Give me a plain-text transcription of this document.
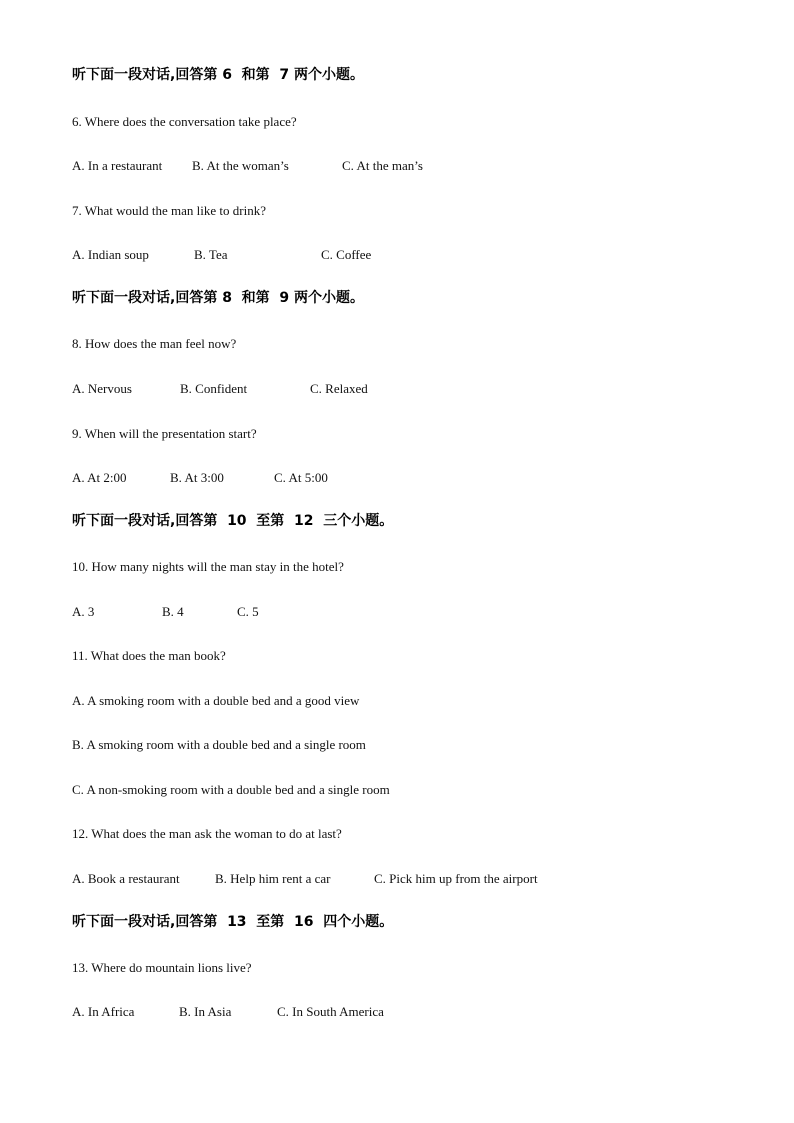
听下面一段对话,回答第 6  和第  7 两个小题。
6. Where does the conversation take place?
A. In a restaurant B. At the woman’s	C. At the man’s
7. What would the man like to drink?
A. Indian soup	B. Tea	C. Coffee
听下面一段对话,回答第 8  和第  9 两个小题。
8. How does the man feel now?
A. Nervous	B. Confident	C. Relaxed
9. When will the presentation start?
A. At 2:00	B. At 3:00	C. At 5:00
听下面一段对话,回答第  10  至第  12  三个小题。
10. How many nights will the man stay in the hotel?
A. 3	B. 4	C. 5
11. What does the man book?
A. A smoking room with a double bed and a good view
B. A smoking room with a double bed and a single room
C. A non-smoking room with a double bed and a single room
12. What does the man ask the woman to do at last?
A. Book a restaurant	B. Help him rent a car	C. Pick him up from the airport
听下面一段对话,回答第  13  至第  16  四个小题。
13. Where do mountain lions live?
A. In Africa	B. In Asia	C. In South America
